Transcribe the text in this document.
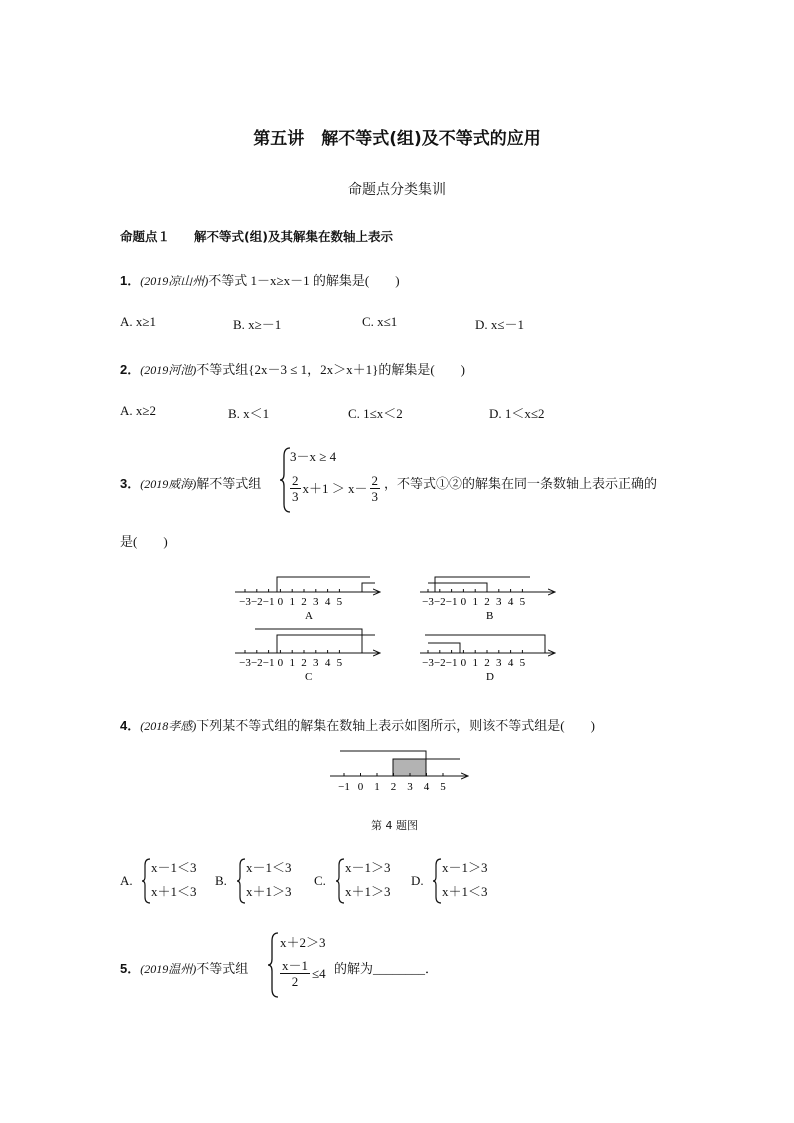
第五讲　解不等式(组)及不等式的应用
命题点分类集训
命题点１ 解不等式(组)及其解集在数轴上表示
1．(2019凉山州)不等式 1－x≥x－1 的解集是(　　)
A. x≥1	B. x≥－1	C. x≤1	D. x≤－1
2．(2019河池)不等式组{2x－3 ≤ 1，2x＞x＋1}的解集是(　　)
A. x≥2	B. x＜1	C. 1≤x＜2	D. 1＜x≤2
3．(2019威海)解不等式组
3－x ≥ 4
$\frac{2}{3} x+1 > x- \frac{2}{3}$ ，不等式①②的解集在同一条数轴上表示正确的
是(　　)
−3 −2 −1 0 1 2 3 4 5
A
−3 −2 −1 0 1 2 3 4 5
B
−3 −2 −1 0 1 2 3 4 5
C
−3 −2 −1 0 1 2 3 4 5
D
4．(2018孝感)下列某不等式组的解集在数轴上表示如图所示，则该不等式组是(　　)
−1 0 1 2 3 4 5
第 4 题图
A.
x－1＜3
x＋1＜3
B.
x－1＜3
x＋1＞3
C.
x－1＞3
x＋1＞3
D.
x－1＞3
x＋1＜3
5．(2019温州)不等式组
x＋2＞3
$\frac{x-1}{2} \le 4$ 的解为________．
